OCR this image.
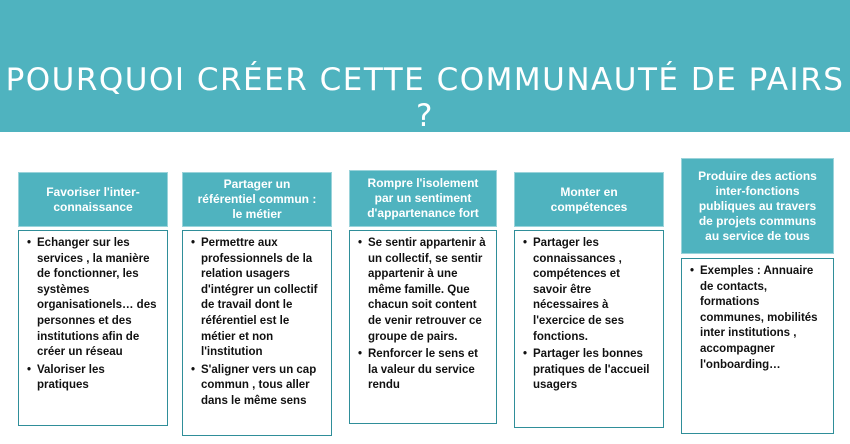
POURQUOI CRÉER CETTE COMMUNAUTÉ DE PAIRS ?
Favoriser l'inter-connaissance
• Echanger sur les services , la manière de fonctionner, les systèmes organisationels… des personnes et des institutions afin de créer un réseau
• Valoriser les pratiques
Partager un référentiel commun : le métier
• Permettre aux professionnels de la relation usagers d'intégrer un collectif de travail dont le référentiel est le métier et non l'institution
• S'aligner vers un cap commun , tous aller dans le même sens
Rompre l'isolement par un sentiment d'appartenance fort
• Se sentir appartenir à un collectif, se sentir appartenir à une même famille. Que chacun soit content de venir retrouver ce groupe de pairs.
• Renforcer le sens et la valeur du service rendu
Monter en compétences
• Partager les connaissances , compétences et savoir être nécessaires à l'exercice de ses fonctions.
• Partager les bonnes pratiques de l'accueil usagers
Produire des actions inter-fonctions publiques au travers de projets communs au service de tous
• Exemples : Annuaire de contacts, formations communes, mobilités inter institutions , accompagner l'onboarding…
